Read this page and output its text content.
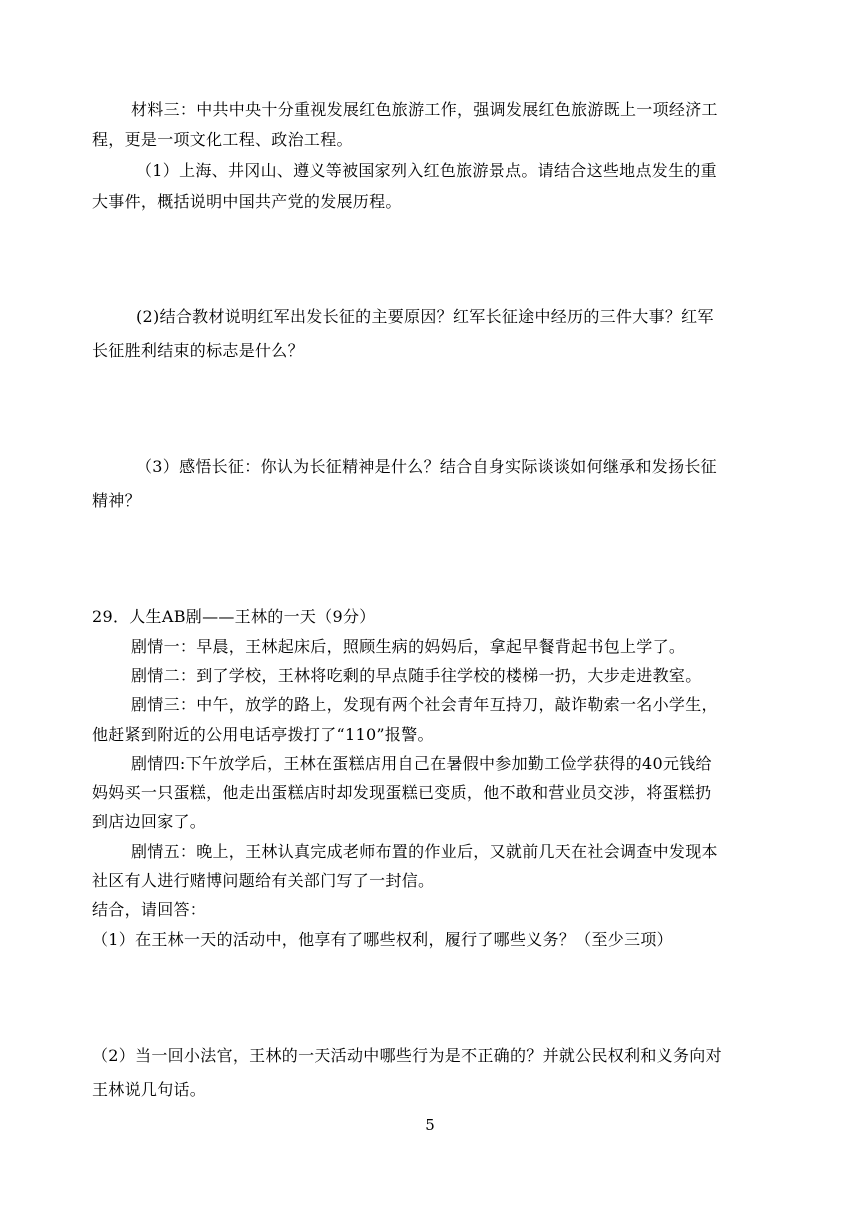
材料三：中共中央十分重视发展红色旅游工作，强调发展红色旅游既上一项经济工
程，更是一项文化工程、政治工程。
（1）上海、井冈山、遵义等被国家列入红色旅游景点。请结合这些地点发生的重
大事件，概括说明中国共产党的发展历程。
(2)结合教材说明红军出发长征的主要原因？红军长征途中经历的三件大事？红军
长征胜利结束的标志是什么？
（3）感悟长征：你认为长征精神是什么？结合自身实际谈谈如何继承和发扬长征
精神？
29．人生AB剧——王林的一天（9分）
剧情一：早晨，王林起床后，照顾生病的妈妈后，拿起早餐背起书包上学了。
剧情二：到了学校，王林将吃剩的早点随手往学校的楼梯一扔，大步走进教室。
剧情三：中午，放学的路上，发现有两个社会青年互持刀，敲诈勒索一名小学生，
他赶紧到附近的公用电话亭拨打了“110”报警。
剧情四:下午放学后，王林在蛋糕店用自己在暑假中参加勤工俭学获得的40元钱给
妈妈买一只蛋糕，他走出蛋糕店时却发现蛋糕已变质，他不敢和营业员交涉，将蛋糕扔
到店边回家了。
剧情五：晚上，王林认真完成老师布置的作业后，又就前几天在社会调查中发现本
社区有人进行赌博问题给有关部门写了一封信。
结合，请回答：
（1）在王林一天的活动中，他享有了哪些权利，履行了哪些义务？（至少三项）
（2）当一回小法官，王林的一天活动中哪些行为是不正确的？并就公民权利和义务向对
王林说几句话。
5
